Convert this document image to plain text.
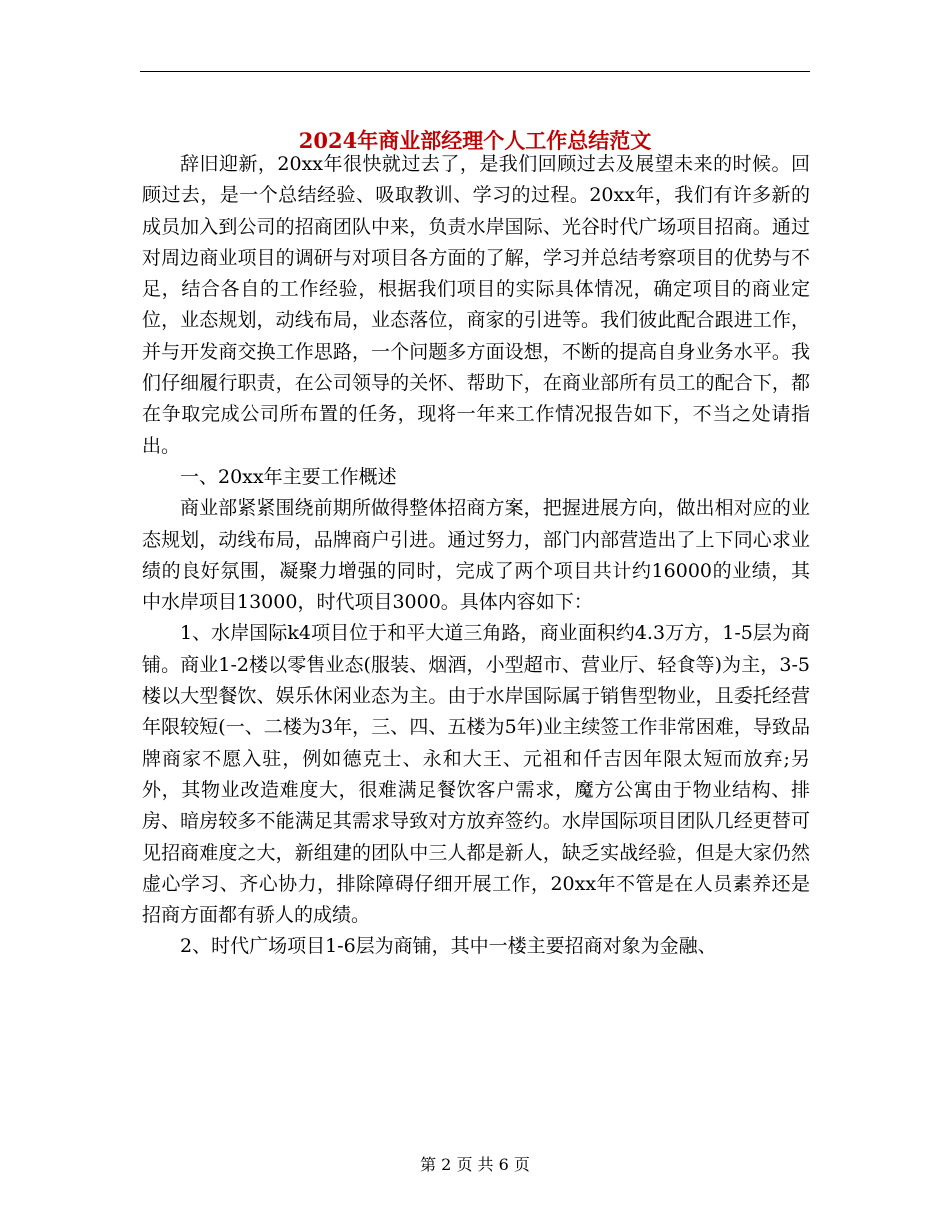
2024年商业部经理个人工作总结范文

辞旧迎新，20xx年很快就过去了，是我们回顾过去及展望未来的时候。回顾过去，是一个总结经验、吸取教训、学习的过程。20xx年，我们有许多新的成员加入到公司的招商团队中来，负责水岸国际、光谷时代广场项目招商。通过对周边商业项目的调研与对项目各方面的了解，学习并总结考察项目的优势与不足，结合各自的工作经验，根据我们项目的实际具体情况，确定项目的商业定位，业态规划，动线布局，业态落位，商家的引进等。我们彼此配合跟进工作，并与开发商交换工作思路，一个问题多方面设想，不断的提高自身业务水平。我们仔细履行职责，在公司领导的关怀、帮助下，在商业部所有员工的配合下，都在争取完成公司所布置的任务，现将一年来工作情况报告如下，不当之处请指出。

一、20xx年主要工作概述

商业部紧紧围绕前期所做得整体招商方案，把握进展方向，做出相对应的业态规划，动线布局，品牌商户引进。通过努力，部门内部营造出了上下同心求业绩的良好氛围，凝聚力增强的同时，完成了两个项目共计约16000的业绩，其中水岸项目13000，时代项目3000。具体内容如下：

1、水岸国际k4项目位于和平大道三角路，商业面积约4.3万方，1-5层为商铺。商业1-2楼以零售业态(服装、烟酒，小型超市、营业厅、轻食等)为主，3-5楼以大型餐饮、娱乐休闲业态为主。由于水岸国际属于销售型物业，且委托经营年限较短(一、二楼为3年，三、四、五楼为5年)业主续签工作非常困难，导致品牌商家不愿入驻，例如德克士、永和大王、元祖和仟吉因年限太短而放弃;另外，其物业改造难度大，很难满足餐饮客户需求，魔方公寓由于物业结构、排房、暗房较多不能满足其需求导致对方放弃签约。水岸国际项目团队几经更替可见招商难度之大，新组建的团队中三人都是新人，缺乏实战经验，但是大家仍然虚心学习、齐心协力，排除障碍仔细开展工作，20xx年不管是在人员素养还是招商方面都有骄人的成绩。

2、时代广场项目1-6层为商铺，其中一楼主要招商对象为金融、

第 2 页 共 6 页
